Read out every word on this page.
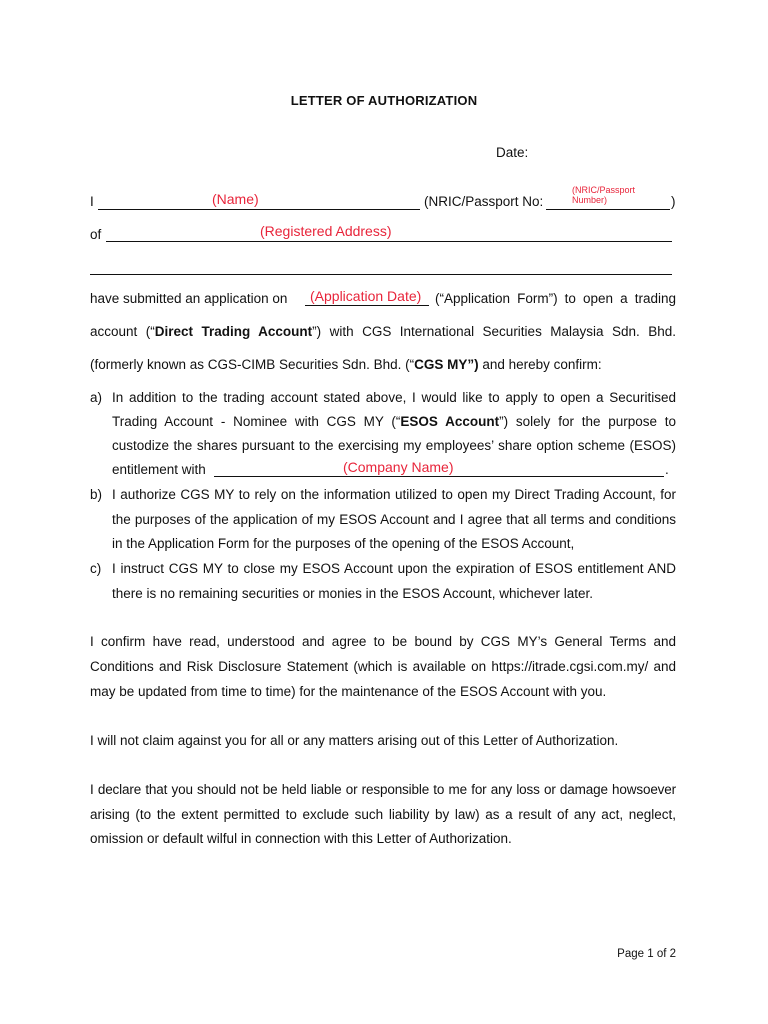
LETTER OF AUTHORIZATION
Date:
I	(Name)	(NRIC/Passport No:
(NRIC/Passport Number)	)
of	(Registered Address)
have submitted an application on (Application Date) (“Application Form”) to open a trading
account (“Direct Trading Account”) with CGS International Securities Malaysia Sdn. Bhd.
(formerly known as CGS-CIMB Securities Sdn. Bhd. (“CGS MY”) and hereby confirm:
a) In addition to the trading account stated above, I would like to apply to open a Securitised
Trading Account - Nominee with CGS MY (“ESOS Account”) solely for the purpose to
custodize the shares pursuant to the exercising my employees’ share option scheme (ESOS)
entitlement with	(Company Name)	.
b) I authorize CGS MY to rely on the information utilized to open my Direct Trading Account, for
the purposes of the application of my ESOS Account and I agree that all terms and conditions
in the Application Form for the purposes of the opening of the ESOS Account,
c) I instruct CGS MY to close my ESOS Account upon the expiration of ESOS entitlement AND
there is no remaining securities or monies in the ESOS Account, whichever later.
I confirm have read, understood and agree to be bound by CGS MY’s General Terms and
Conditions and Risk Disclosure Statement (which is available on https://itrade.cgsi.com.my/ and
may be updated from time to time) for the maintenance of the ESOS Account with you.
I will not claim against you for all or any matters arising out of this Letter of Authorization.
I declare that you should not be held liable or responsible to me for any loss or damage howsoever
arising (to the extent permitted to exclude such liability by law) as a result of any act, neglect,
omission or default wilful in connection with this Letter of Authorization.
Page 1 of 2
